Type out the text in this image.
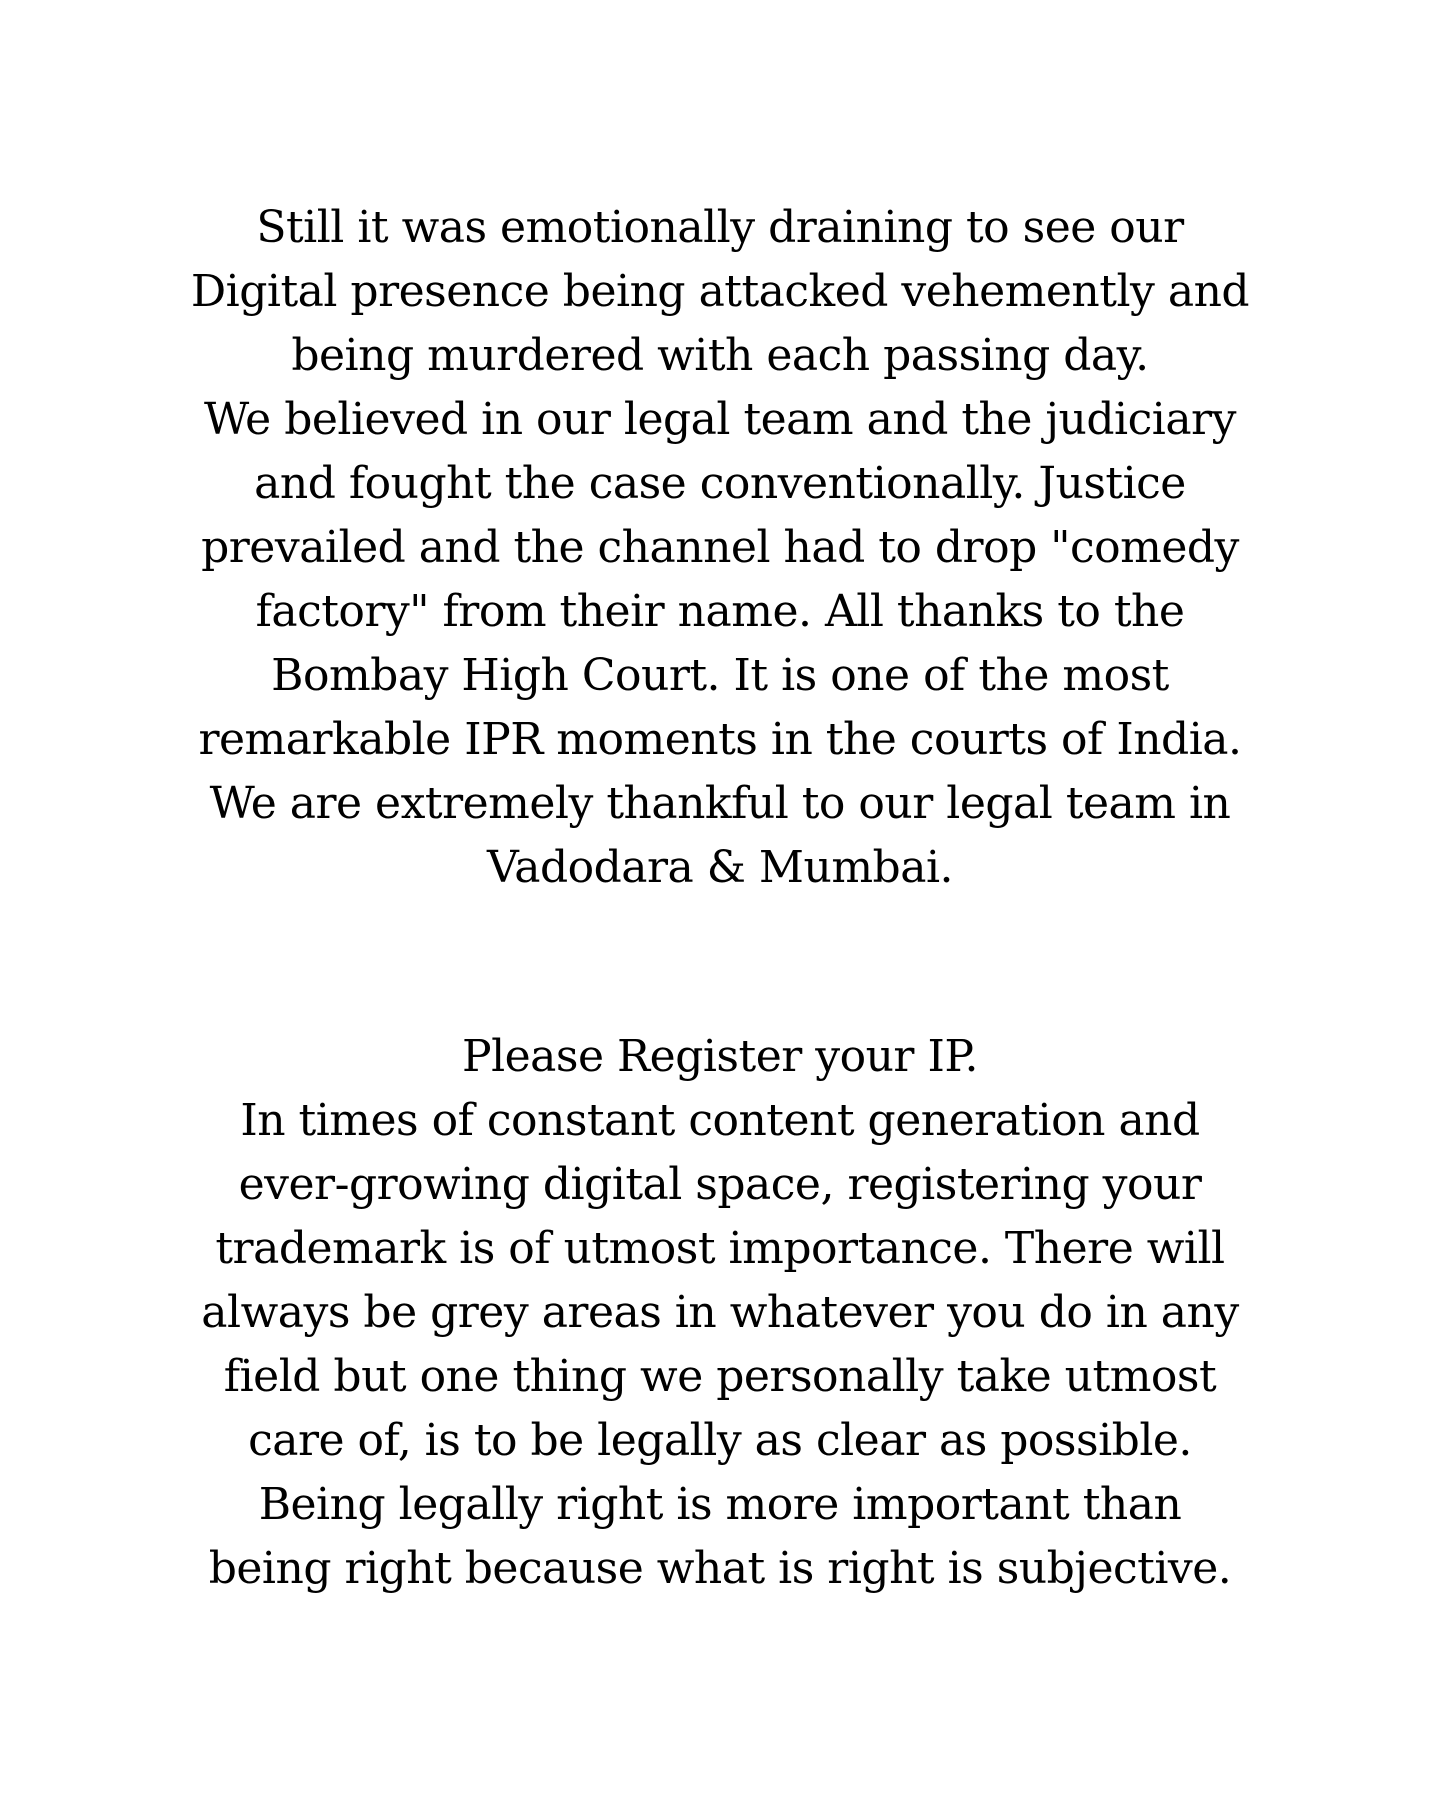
Still it was emotionally draining to see our
Digital presence being attacked vehemently and
being murdered with each passing day.
We believed in our legal team and the judiciary
and fought the case conventionally. Justice
prevailed and the channel had to drop "comedy
factory" from their name. All thanks to the
Bombay High Court. It is one of the most
remarkable IPR moments in the courts of India.
We are extremely thankful to our legal team in
Vadodara & Mumbai.
Please Register your IP.
In times of constant content generation and
ever-growing digital space, registering your
trademark is of utmost importance. There will
always be grey areas in whatever you do in any
field but one thing we personally take utmost
care of, is to be legally as clear as possible.
Being legally right is more important than
being right because what is right is subjective.
